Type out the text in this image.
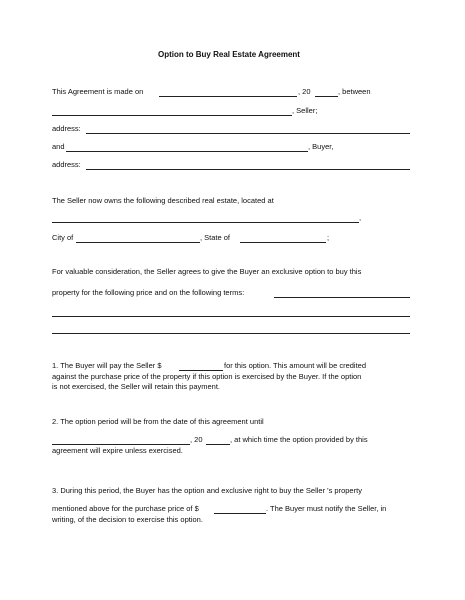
Option to Buy Real Estate Agreement
This Agreement is made on	, 20	, between
, Seller;
address:
and	, Buyer,
address:
The Seller now owns the following described real estate, located at
,
City of	, State of	;
For valuable consideration, the Seller agrees to give the Buyer an exclusive option to buy this
property for the following price and on the following terms:
1. The Buyer will pay the Seller $	for this option. This amount will be credited
against the purchase price of the property if this option is exercised by the Buyer. If the option
is not exercised, the Seller will retain this payment.
2. The option period will be from the date of this agreement until
, 20	, at which time the option provided by this
agreement will expire unless exercised.
3. During this period, the Buyer has the option and exclusive right to buy the Seller 's property
mentioned above for the purchase price of $	. The Buyer must notify the Seller, in
writing, of the decision to exercise this option.
